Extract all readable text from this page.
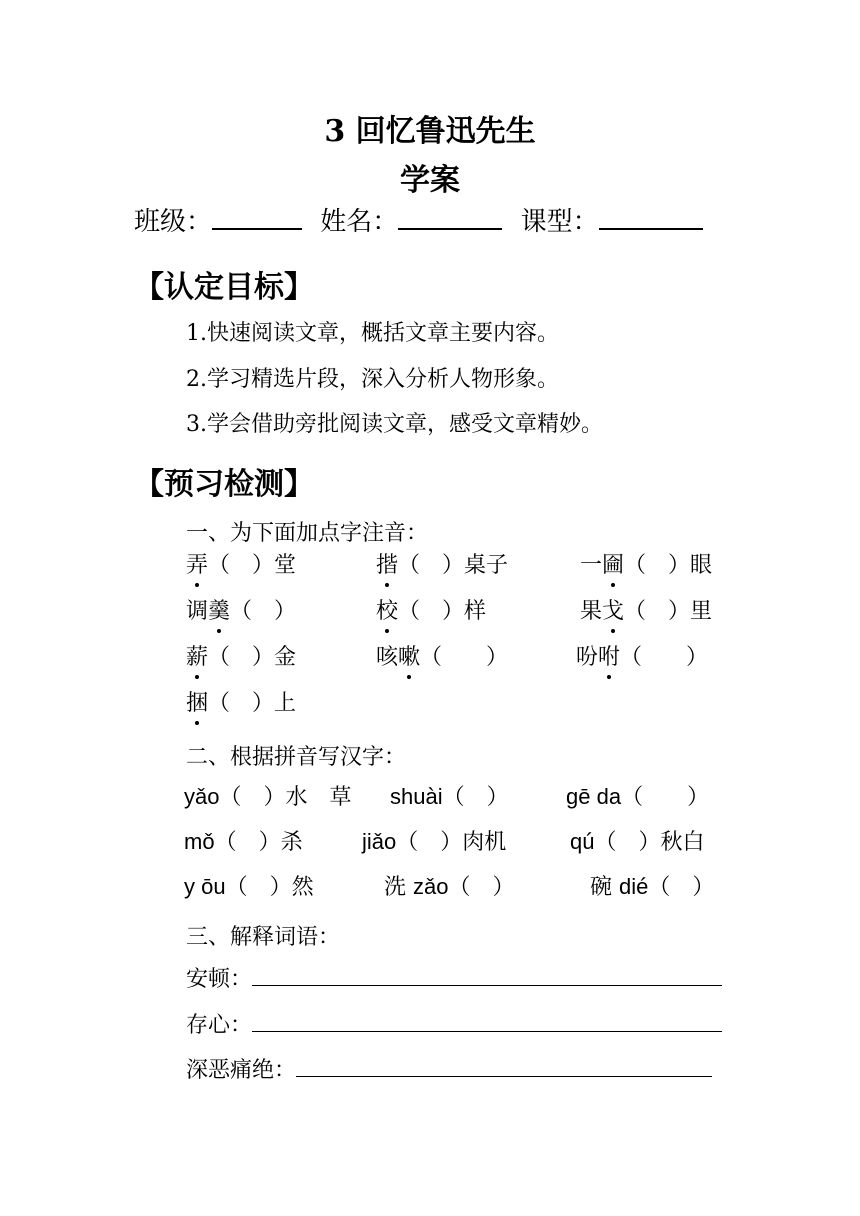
3 回忆鲁迅先生
学案
班级：	姓名：	课型：
【认定目标】
1.快速阅读文章，概括文章主要内容。
2.学习精选片段，深入分析人物形象。
3.学会借助旁批阅读文章，感受文章精妙。
【预习检测】
一、为下面加点字注音：
弄（　）堂	揩（　）桌子	一圇（　）眼
调羹（　）	校（　）样	果戈（　）里
薪（　）金	咳嗽（　　）	吩咐（　　）
捆（　）上
二、根据拼音写汉字：
yǎo（　）水　草 shuài（　）	gē da（　　）
mǒ（　）杀	jiǎo（　）肉机	qú（　）秋白
y ōu（　）然	洗 zǎo（　）	碗 dié（　）
三、解释词语：
安顿：
存心：
深恶痛绝：
